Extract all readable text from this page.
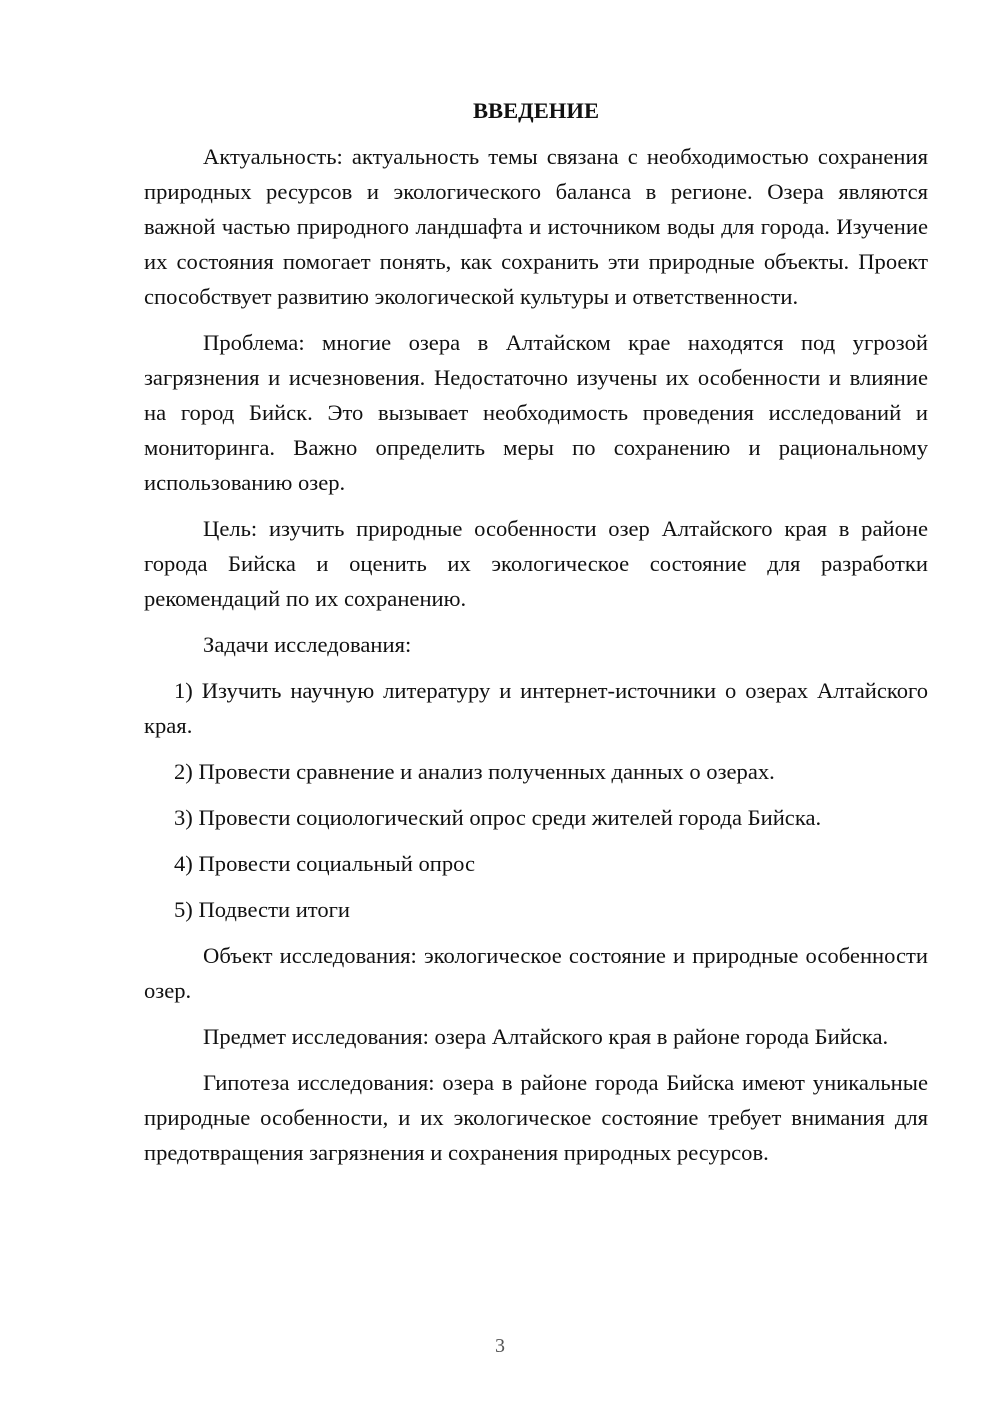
ВВЕДЕНИЕ

Актуальность: актуальность темы связана с необходимостью сохранения природных ресурсов и экологического баланса в регионе. Озера являются важной частью природного ландшафта и источником воды для города. Изучение их состояния помогает понять, как сохранить эти природные объекты. Проект способствует развитию экологической культуры и ответственности.

Проблема: многие озера в Алтайском крае находятся под угрозой загрязнения и исчезновения. Недостаточно изучены их особенности и влияние на город Бийск. Это вызывает необходимость проведения исследований и мониторинга. Важно определить меры по сохранению и рациональному использованию озер.

Цель: изучить природные особенности озер Алтайского края в районе города Бийска и оценить их экологическое состояние для разработки рекомендаций по их сохранению.

Задачи исследования:

1) Изучить научную литературу и интернет-источники о озерах Алтайского края.

2) Провести сравнение и анализ полученных данных о озерах.

3) Провести социологический опрос среди жителей города Бийска.

4) Провести социальный опрос

5) Подвести итоги

Объект исследования: экологическое состояние и природные особенности озер.

Предмет исследования: озера Алтайского края в районе города Бийска.

Гипотеза исследования: озера в районе города Бийска имеют уникальные природные особенности, и их экологическое состояние требует внимания для предотвращения загрязнения и сохранения природных ресурсов.

3
